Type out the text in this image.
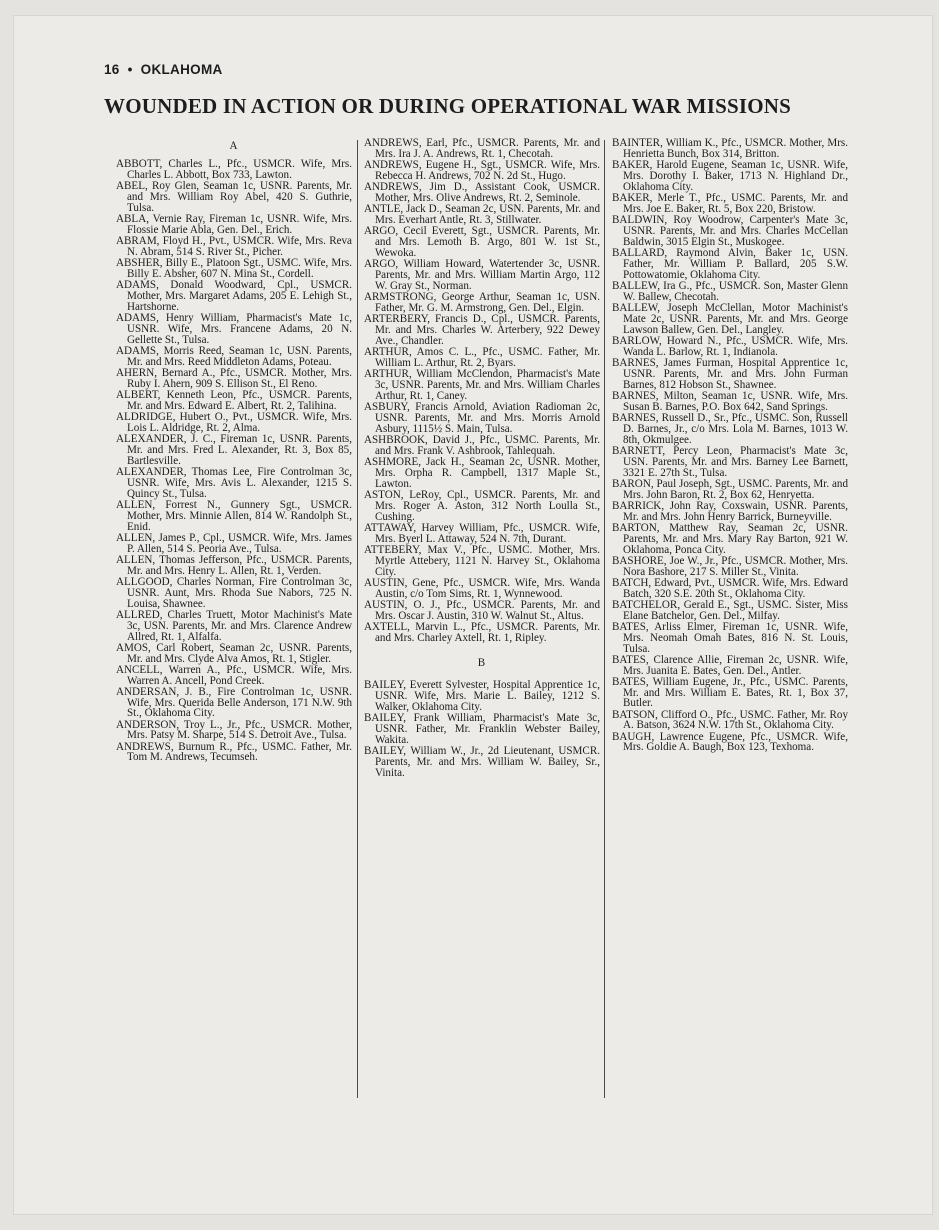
16 • OKLAHOMA
WOUNDED IN ACTION OR DURING OPERATIONAL WAR MISSIONS
A
ABBOTT, Charles L., Pfc., USMCR. Wife, Mrs. Charles L. Abbott, Box 733, Lawton.
ABEL, Roy Glen, Seaman 1c, USNR. Parents, Mr. and Mrs. William Roy Abel, 420 S. Guthrie, Tulsa.
ABLA, Vernie Ray, Fireman 1c, USNR. Wife, Mrs. Flossie Marie Abla, Gen. Del., Erich.
ABRAM, Floyd H., Pvt., USMCR. Wife, Mrs. Reva N. Abram, 514 S. River St., Picher.
ABSHER, Billy E., Platoon Sgt., USMC. Wife, Mrs. Billy E. Absher, 607 N. Mina St., Cordell.
ADAMS, Donald Woodward, Cpl., USMCR. Mother, Mrs. Margaret Adams, 205 E. Lehigh St., Hartshorne.
ADAMS, Henry William, Pharmacist's Mate 1c, USNR. Wife, Mrs. Francene Adams, 20 N. Gellette St., Tulsa.
ADAMS, Morris Reed, Seaman 1c, USN. Parents, Mr. and Mrs. Reed Middleton Adams, Poteau.
AHERN, Bernard A., Pfc., USMCR. Mother, Mrs. Ruby I. Ahern, 909 S. Ellison St., El Reno.
ALBERT, Kenneth Leon, Pfc., USMCR. Parents, Mr. and Mrs. Edward E. Albert, Rt. 2, Talihina.
ALDRIDGE, Hubert O., Pvt., USMCR. Wife, Mrs. Lois L. Aldridge, Rt. 2, Alma.
ALEXANDER, J. C., Fireman 1c, USNR. Parents, Mr. and Mrs. Fred L. Alexander, Rt. 3, Box 85, Bartlesville.
ALEXANDER, Thomas Lee, Fire Controlman 3c, USNR. Wife, Mrs. Avis L. Alexander, 1215 S. Quincy St., Tulsa.
ALLEN, Forrest N., Gunnery Sgt., USMCR. Mother, Mrs. Minnie Allen, 814 W. Randolph St., Enid.
ALLEN, James P., Cpl., USMCR. Wife, Mrs. James P. Allen, 514 S. Peoria Ave., Tulsa.
ALLEN, Thomas Jefferson, Pfc., USMCR. Parents, Mr. and Mrs. Henry L. Allen, Rt. 1, Verden.
ALLGOOD, Charles Norman, Fire Controlman 3c, USNR. Aunt, Mrs. Rhoda Sue Nabors, 725 N. Louisa, Shawnee.
ALLRED, Charles Truett, Motor Machinist's Mate 3c, USN. Parents, Mr. and Mrs. Clarence Andrew Allred, Rt. 1, Alfalfa.
AMOS, Carl Robert, Seaman 2c, USNR. Parents, Mr. and Mrs. Clyde Alva Amos, Rt. 1, Stigler.
ANCELL, Warren A., Pfc., USMCR. Wife, Mrs. Warren A. Ancell, Pond Creek.
ANDERSAN, J. B., Fire Controlman 1c, USNR. Wife, Mrs. Querida Belle Anderson, 171 N.W. 9th St., Oklahoma City.
ANDERSON, Troy L., Jr., Pfc., USMCR. Mother, Mrs. Patsy M. Sharpe, 514 S. Detroit Ave., Tulsa.
ANDREWS, Burnum R., Pfc., USMC. Father, Mr. Tom M. Andrews, Tecumseh.
ANDREWS, Earl, Pfc., USMCR. Parents, Mr. and Mrs. Ira J. A. Andrews, Rt. 1, Checotah.
ANDREWS, Eugene H., Sgt., USMCR. Wife, Mrs. Rebecca H. Andrews, 702 N. 2d St., Hugo.
ANDREWS, Jim D., Assistant Cook, USMCR. Mother, Mrs. Olive Andrews, Rt. 2, Seminole.
ANTLE, Jack D., Seaman 2c, USN. Parents, Mr. and Mrs. Everhart Antle, Rt. 3, Stillwater.
ARGO, Cecil Everett, Sgt., USMCR. Parents, Mr. and Mrs. Lemoth B. Argo, 801 W. 1st St., Wewoka.
ARGO, William Howard, Watertender 3c, USNR. Parents, Mr. and Mrs. William Martin Argo, 112 W. Gray St., Norman.
ARMSTRONG, George Arthur, Seaman 1c, USN. Father, Mr. G. M. Armstrong, Gen. Del., Elgin.
ARTERBERY, Francis D., Cpl., USMCR. Parents, Mr. and Mrs. Charles W. Arterbery, 922 Dewey Ave., Chandler.
ARTHUR, Amos C. L., Pfc., USMC. Father, Mr. William L. Arthur, Rt. 2, Byars.
ARTHUR, William McClendon, Pharmacist's Mate 3c, USNR. Parents, Mr. and Mrs. William Charles Arthur, Rt. 1, Caney.
ASBURY, Francis Arnold, Aviation Radioman 2c, USNR. Parents, Mr. and Mrs. Morris Arnold Asbury, 1115½ S. Main, Tulsa.
ASHBROOK, David J., Pfc., USMC. Parents, Mr. and Mrs. Frank V. Ashbrook, Tahlequah.
ASHMORE, Jack H., Seaman 2c, USNR. Mother, Mrs. Orpha R. Campbell, 1317 Maple St., Lawton.
ASTON, LeRoy, Cpl., USMCR. Parents, Mr. and Mrs. Roger A. Aston, 312 North Loulla St., Cushing.
ATTAWAY, Harvey William, Pfc., USMCR. Wife, Mrs. Byerl L. Attaway, 524 N. 7th, Durant.
ATTEBERY, Max V., Pfc., USMC. Mother, Mrs. Myrtle Attebery, 1121 N. Harvey St., Oklahoma City.
AUSTIN, Gene, Pfc., USMCR. Wife, Mrs. Wanda Austin, c/o Tom Sims, Rt. 1, Wynnewood.
AUSTIN, O. J., Pfc., USMCR. Parents, Mr. and Mrs. Oscar J. Austin, 310 W. Walnut St., Altus.
AXTELL, Marvin L., Pfc., USMCR. Parents, Mr. and Mrs. Charley Axtell, Rt. 1, Ripley.
B
BAILEY, Everett Sylvester, Hospital Apprentice 1c, USNR. Wife, Mrs. Marie L. Bailey, 1212 S. Walker, Oklahoma City.
BAILEY, Frank William, Pharmacist's Mate 3c, USNR. Father, Mr. Franklin Webster Bailey, Wakita.
BAILEY, William W., Jr., 2d Lieutenant, USMCR. Parents, Mr. and Mrs. William W. Bailey, Sr., Vinita.
BAINTER, William K., Pfc., USMCR. Mother, Mrs. Henrietta Bunch, Box 314, Britton.
BAKER, Harold Eugene, Seaman 1c, USNR. Wife, Mrs. Dorothy I. Baker, 1713 N. Highland Dr., Oklahoma City.
BAKER, Merle T., Pfc., USMC. Parents, Mr. and Mrs. Joe E. Baker, Rt. 5, Box 220, Bristow.
BALDWIN, Roy Woodrow, Carpenter's Mate 3c, USNR. Parents, Mr. and Mrs. Charles McCellan Baldwin, 3015 Elgin St., Muskogee.
BALLARD, Raymond Alvin, Baker 1c, USN. Father, Mr. William P. Ballard, 205 S.W. Pottowatomie, Oklahoma City.
BALLEW, Ira G., Pfc., USMCR. Son, Master Glenn W. Ballew, Checotah.
BALLEW, Joseph McClellan, Motor Machinist's Mate 2c, USNR. Parents, Mr. and Mrs. George Lawson Ballew, Gen. Del., Langley.
BARLOW, Howard N., Pfc., USMCR. Wife, Mrs. Wanda L. Barlow, Rt. 1, Indianola.
BARNES, James Furman, Hospital Apprentice 1c, USNR. Parents, Mr. and Mrs. John Furman Barnes, 812 Hobson St., Shawnee.
BARNES, Milton, Seaman 1c, USNR. Wife, Mrs. Susan B. Barnes, P.O. Box 642, Sand Springs.
BARNES, Russell D., Sr., Pfc., USMC. Son, Russell D. Barnes, Jr., c/o Mrs. Lola M. Barnes, 1013 W. 8th, Okmulgee.
BARNETT, Percy Leon, Pharmacist's Mate 3c, USN. Parents, Mr. and Mrs. Barney Lee Barnett, 3321 E. 27th St., Tulsa.
BARON, Paul Joseph, Sgt., USMC. Parents, Mr. and Mrs. John Baron, Rt. 2, Box 62, Henryetta.
BARRICK, John Ray, Coxswain, USNR. Parents, Mr. and Mrs. John Henry Barrick, Burneyville.
BARTON, Matthew Ray, Seaman 2c, USNR. Parents, Mr. and Mrs. Mary Ray Barton, 921 W. Oklahoma, Ponca City.
BASHORE, Joe W., Jr., Pfc., USMCR. Mother, Mrs. Nora Bashore, 217 S. Miller St., Vinita.
BATCH, Edward, Pvt., USMCR. Wife, Mrs. Edward Batch, 320 S.E. 20th St., Oklahoma City.
BATCHELOR, Gerald E., Sgt., USMC. Sister, Miss Elane Batchelor, Gen. Del., Milfay.
BATES, Arliss Elmer, Fireman 1c, USNR. Wife, Mrs. Neomah Omah Bates, 816 N. St. Louis, Tulsa.
BATES, Clarence Allie, Fireman 2c, USNR. Wife, Mrs. Juanita E. Bates, Gen. Del., Antler.
BATES, William Eugene, Jr., Pfc., USMC. Parents, Mr. and Mrs. William E. Bates, Rt. 1, Box 37, Butler.
BATSON, Clifford O., Pfc., USMC. Father, Mr. Roy A. Batson, 3624 N.W. 17th St., Oklahoma City.
BAUGH, Lawrence Eugene, Pfc., USMCR. Wife, Mrs. Goldie A. Baugh, Box 123, Texhoma.
